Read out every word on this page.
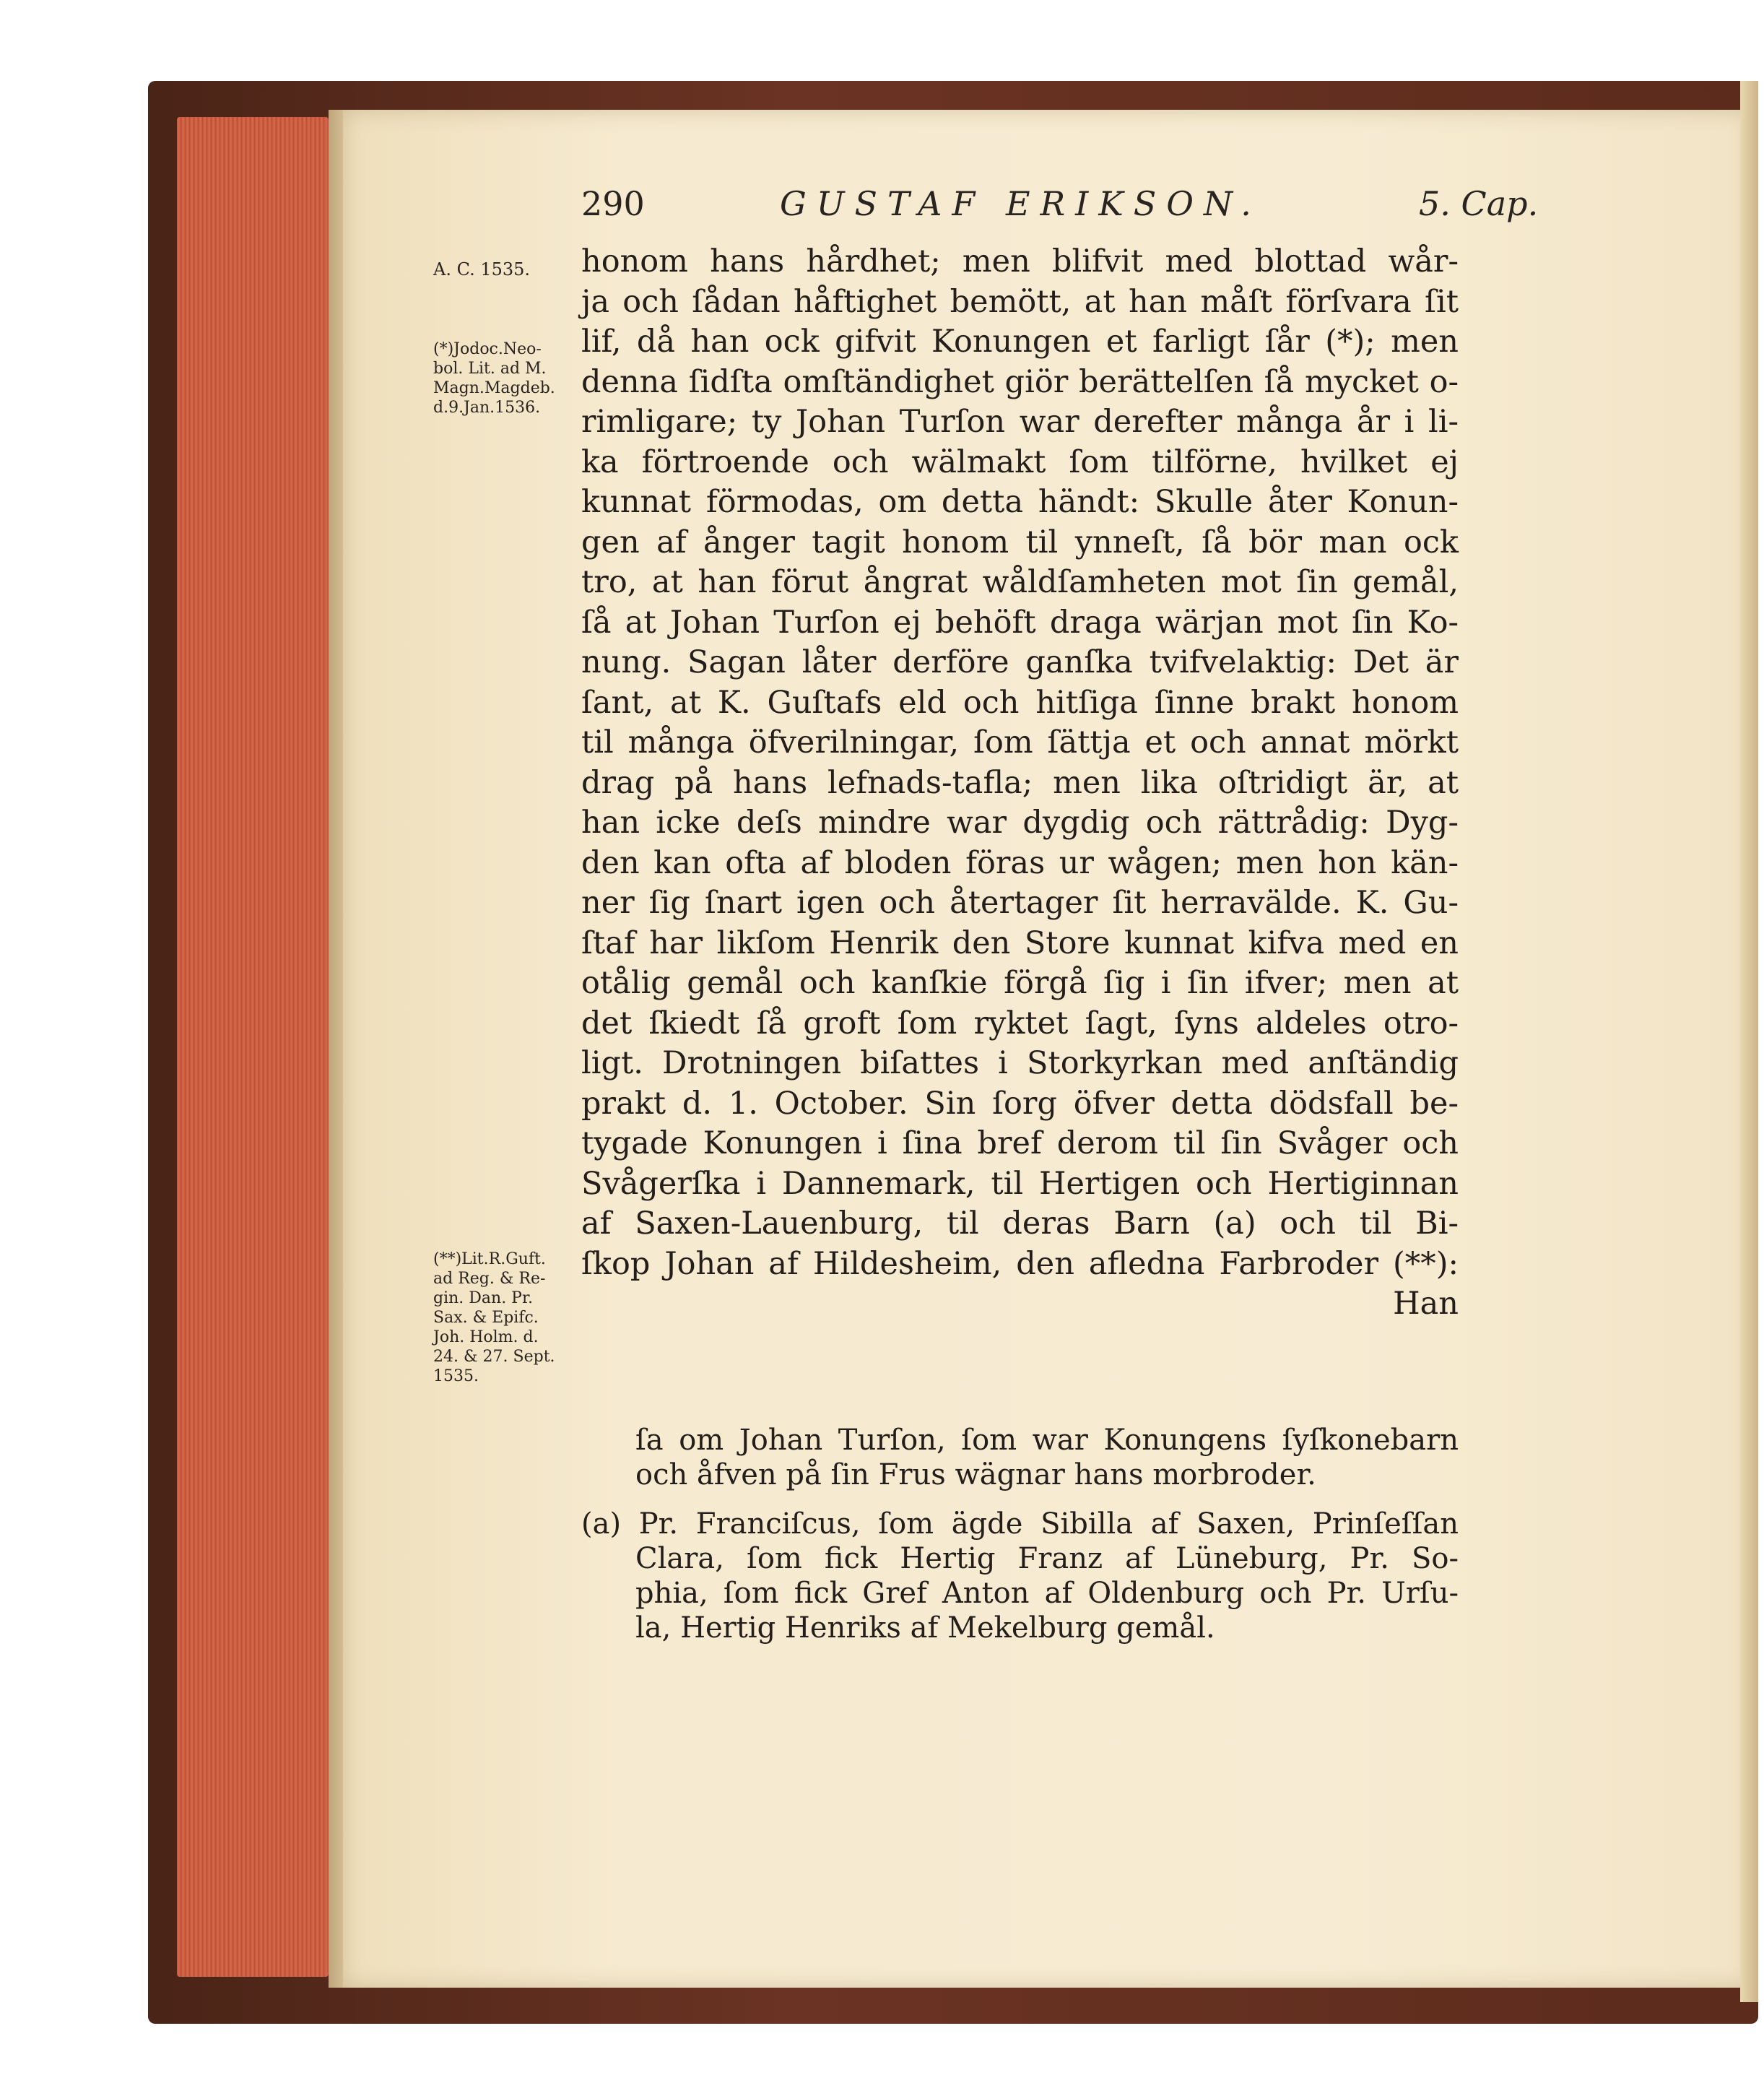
290	GUSTAF ERIKSON.	5. Cap.
A. C. 1535.
(*)Jodoc.Neo-
bol. Lit. ad M.
Magn.Magdeb.
d.9.Jan.1536.
(**)Lit.R.Guft.
ad Reg. & Re-
gin. Dan. Pr.
Sax. & Epifc.
Joh. Holm. d.
24. & 27. Sept.
1535.
honom hans hårdhet; men blifvit med blottad wår-
ja och ſådan håftighet bemött, at han måſt förſvara ſit
lif, då han ock gifvit Konungen et farligt ſår (*); men
denna ſidſta omſtändighet giör berättelſen ſå mycket o-
rimligare; ty Johan Turſon war derefter många år i li-
ka förtroende och wälmakt ſom tilförne, hvilket ej
kunnat förmodas, om detta händt: Skulle åter Konun-
gen af ånger tagit honom til ynneſt, ſå bör man ock
tro, at han förut ångrat wåldſamheten mot ſin gemål,
ſå at Johan Turſon ej behöft draga wärjan mot ſin Ko-
nung. Sagan låter derföre ganſka tvifvelaktig: Det är
ſant, at K. Guſtafs eld och hitſiga ſinne brakt honom
til många öfverilningar, ſom ſättja et och annat mörkt
drag på hans lefnads-tafla; men lika oſtridigt är, at
han icke deſs mindre war dygdig och rättrådig: Dyg-
den kan ofta af bloden föras ur wågen; men hon kän-
ner ſig ſnart igen och återtager ſit herravälde. K. Gu-
ſtaf har likſom Henrik den Store kunnat kifva med en
otålig gemål och kanſkie förgå ſig i ſin ifver; men at
det ſkiedt ſå groft ſom ryktet ſagt, ſyns aldeles otro-
ligt. Drotningen biſattes i Storkyrkan med anſtändig
prakt d. 1. October. Sin ſorg öfver detta dödsfall be-
tygade Konungen i ſina bref derom til ſin Svåger och
Svågerſka i Dannemark, til Hertigen och Hertiginnan
af Saxen-Lauenburg, til deras Barn (a) och til Bi-
ſkop Johan af Hildesheim, den afledna Farbroder (**):
Han
ſa om Johan Turſon, ſom war Konungens ſyſkonebarn
och åfven på ſin Frus wägnar hans morbroder.
(a) Pr. Franciſcus, ſom ägde Sibilla af Saxen, Prinſeſſan
Clara, ſom fick Hertig Franz af Lüneburg, Pr. So-
phia, ſom fick Gref Anton af Oldenburg och Pr. Urſu-
la, Hertig Henriks af Mekelburg gemål.
